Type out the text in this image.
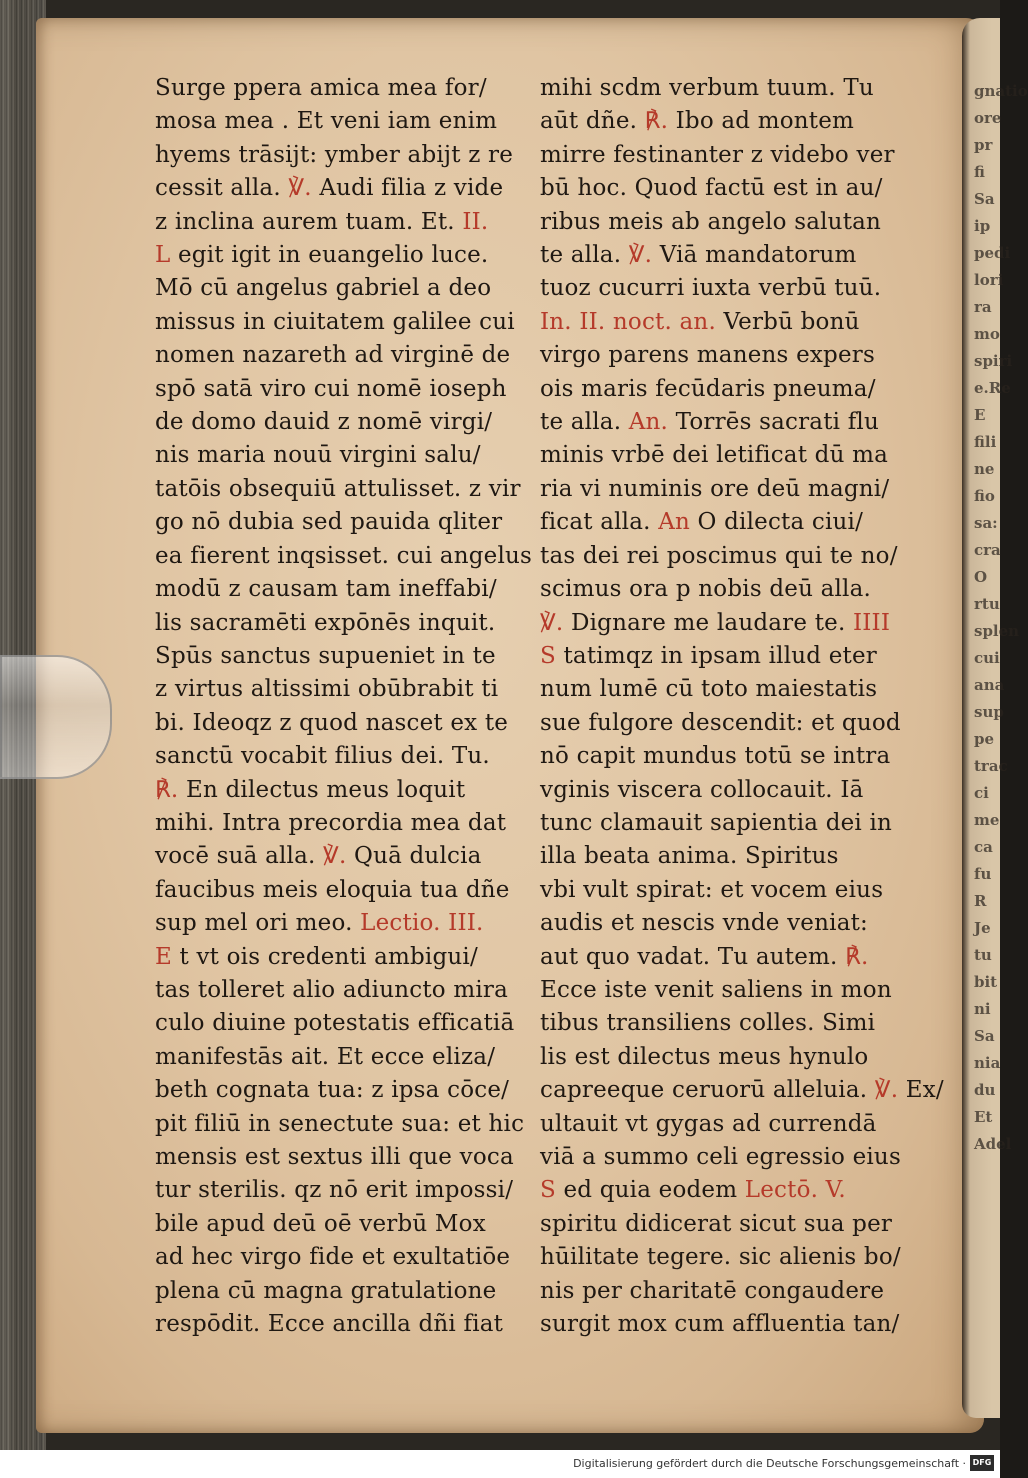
gnatio
ore
pr
fi
Sa
ip
pedi
lori
ra
mo
spiri
e.Re
E
fili
ne
fio
sa:
cra
O
rtu
splen
cui
ana
sup
pe
trac
ci
me
ca
fu
R
Je
tu
bit
ni
Sa
nia
du
Et
Adel
Surge ppera amica mea for/
mosa mea . Et veni iam enim
hyems trāsijt: ymber abijt z re
cessit alla. ℣. Audi filia z vide
z inclina aurem tuam. Et. II.
L egit igit in euangelio luce.
Mō cū angelus gabriel a deo
missus in ciuitatem galilee cui
nomen nazareth ad virginē de
spō satā viro cui nomē ioseph
de domo dauid z nomē virgi/
nis maria nouū virgini salu/
tatōis obsequiū attulisset. z vir
go nō dubia sed pauida qliter
ea fierent inqsisset. cui angelus
modū z causam tam ineffabi/
lis sacramēti expōnēs inquit.
Spūs sanctus supueniet in te
z virtus altissimi obūbrabit ti
bi. Ideoqz z quod nascet ex te
sanctū vocabit filius dei. Tu.
℟. En dilectus meus loquit
mihi. Intra precordia mea dat
vocē suā alla. ℣. Quā dulcia
faucibus meis eloquia tua dñe
sup mel ori meo. Lectio. III.
E t vt ois credenti ambigui/
tas tolleret alio adiuncto mira
culo diuine potestatis efficatiā
manifestās ait. Et ecce eliza/
beth cognata tua: z ipsa cōce/
pit filiū in senectute sua: et hic
mensis est sextus illi que voca
tur sterilis. qz nō erit impossi/
bile apud deū oē verbū Mox
ad hec virgo fide et exultatiōe
plena cū magna gratulatione
respōdit. Ecce ancilla dñi fiat
mihi scdm verbum tuum. Tu
aūt dñe. ℟. Ibo ad montem
mirre festinanter z videbo ver
bū hoc. Quod factū est in au/
ribus meis ab angelo salutan
te alla. ℣. Viā mandatorum
tuoz cucurri iuxta verbū tuū.
In. II. noct. an. Verbū bonū
virgo parens manens expers
ois maris fecūdaris pneuma/
te alla. An. Torrēs sacrati flu
minis vrbē dei letificat dū ma
ria vi numinis ore deū magni/
ficat alla. An O dilecta ciui/
tas dei rei poscimus qui te no/
scimus ora p nobis deū alla.
℣. Dignare me laudare te. IIII
S tatimqz in ipsam illud eter
num lumē cū toto maiestatis
sue fulgore descendit: et quod
nō capit mundus totū se intra
vginis viscera collocauit. Iā
tunc clamauit sapientia dei in
illa beata anima. Spiritus
vbi vult spirat: et vocem eius
audis et nescis vnde veniat:
aut quo vadat. Tu autem. ℟.
Ecce iste venit saliens in mon
tibus transiliens colles. Simi
lis est dilectus meus hynulo
capreeque ceruorū alleluia. ℣. Ex/
ultauit vt gygas ad currendā
viā a summo celi egressio eius
S ed quia eodem Lectō. V.
spiritu didicerat sicut sua per
hūilitate tegere. sic alienis bo/
nis per charitatē congaudere
surgit mox cum affluentia tan/
Digitalisierung gefördert durch die Deutsche Forschungsgemeinschaft · DFG
